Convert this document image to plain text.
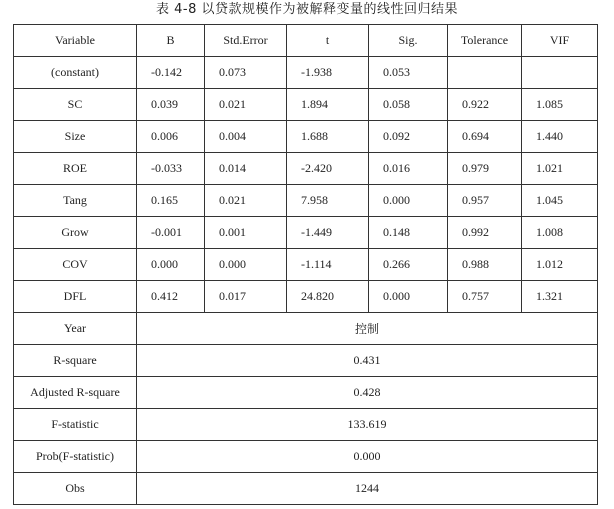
表 4-8 以贷款规模作为被解释变量的线性回归结果
Variable	B	Std.Error	t	Sig.	Tolerance	VIF
(constant)	-0.142	0.073	-1.938	0.053		
SC	0.039	0.021	1.894	0.058	0.922	1.085
Size	0.006	0.004	1.688	0.092	0.694	1.440
ROE	-0.033	0.014	-2.420	0.016	0.979	1.021
Tang	0.165	0.021	7.958	0.000	0.957	1.045
Grow	-0.001	0.001	-1.449	0.148	0.992	1.008
COV	0.000	0.000	-1.114	0.266	0.988	1.012
DFL	0.412	0.017	24.820	0.000	0.757	1.321
Year	控制					
R-square	0.431					
Adjusted R-square	0.428					
F-statistic	133.619					
Prob(F-statistic)	0.000					
Obs	1244					
